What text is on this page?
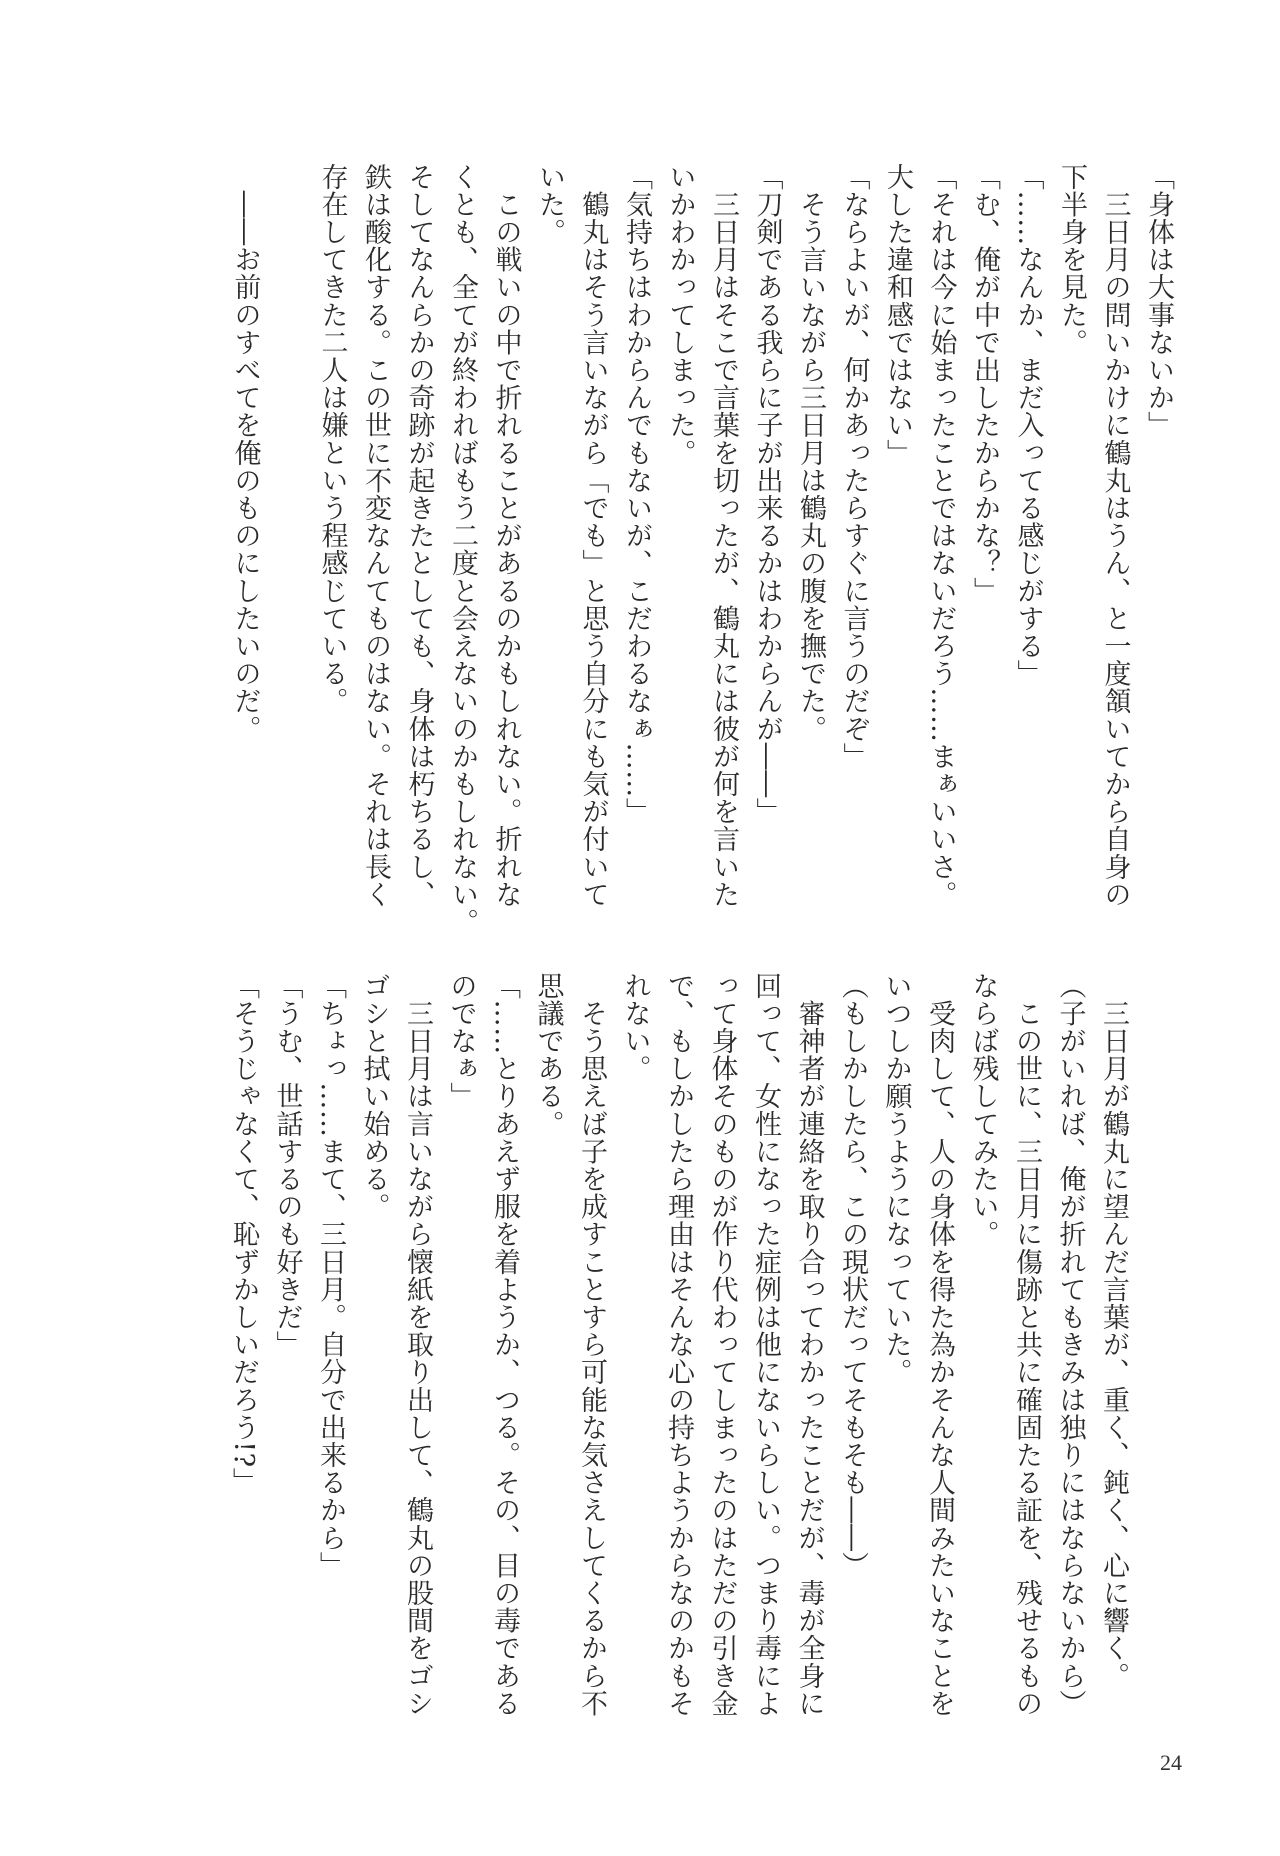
「身体は大事ないか」
　三日月の問いかけに鶴丸はうん、と一度頷いてから自身の
下半身を見た。
「……なんか、まだ入ってる感じがする」
「む、俺が中で出したからかな？」
「それは今に始まったことではないだろう……まぁいいさ。
大した違和感ではない」
「ならよいが、何かあったらすぐに言うのだぞ」
　そう言いながら三日月は鶴丸の腹を撫でた。
「刀剣である我らに子が出来るかはわからんが――」
　三日月はそこで言葉を切ったが、鶴丸には彼が何を言いた
いかわかってしまった。
「気持ちはわからんでもないが、こだわるなぁ……」
　鶴丸はそう言いながら「でも」と思う自分にも気が付いて
いた。
　この戦いの中で折れることがあるのかもしれない。折れな
くとも、全てが終わればもう二度と会えないのかもしれない。
そしてなんらかの奇跡が起きたとしても、身体は朽ちるし、
鉄は酸化する。この世に不変なんてものはない。それは長く
存在してきた二人は嫌という程感じている。

　――お前のすべてを俺のものにしたいのだ。
　三日月が鶴丸に望んだ言葉が、重く、鈍く、心に響く。
（子がいれば、俺が折れてもきみは独りにはならないから）
　この世に、三日月に傷跡と共に確固たる証を、残せるもの
ならば残してみたい。
　受肉して、人の身体を得た為かそんな人間みたいなことを
いつしか願うようになっていた。
（もしかしたら、この現状だってそもそも――）
　審神者が連絡を取り合ってわかったことだが、毒が全身に
回って、女性になった症例は他にないらしい。つまり毒によ
って身体そのものが作り代わってしまったのはただの引き金
で、もしかしたら理由はそんな心の持ちようからなのかもそ
れない。
　そう思えば子を成すことすら可能な気さえしてくるから不
思議である。
「……とりあえず服を着ようか、つる。その、目の毒である
のでなぁ」
　三日月は言いながら懐紙を取り出して、鶴丸の股間をゴシ
ゴシと拭い始める。
「ちょっ……まて、三日月。自分で出来るから」
「うむ、世話するのも好きだ」
「そうじゃなくて、恥ずかしいだろう!?」
24
